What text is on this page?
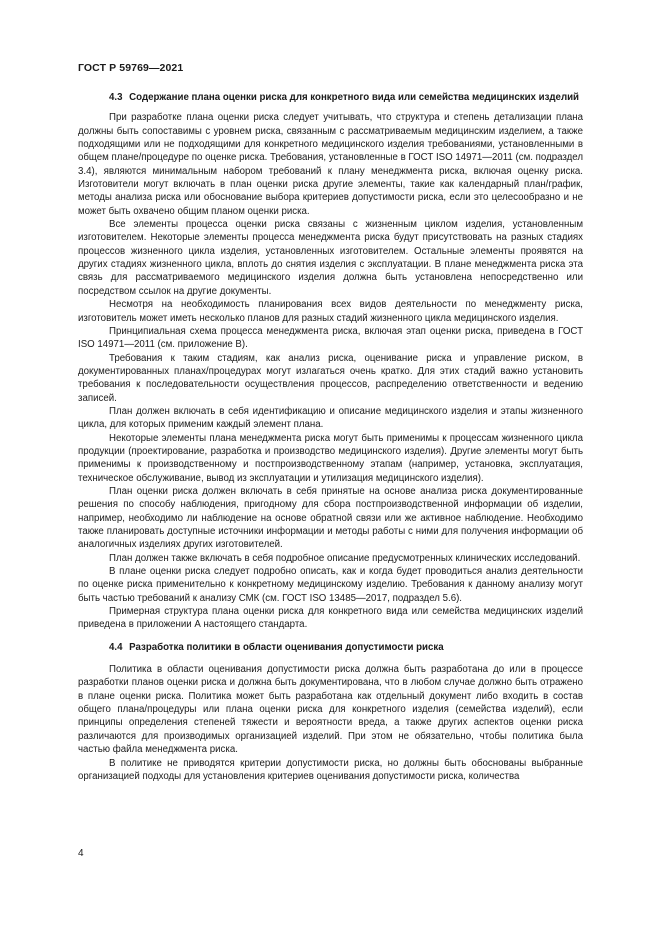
ГОСТ Р 59769—2021
4.3 Содержание плана оценки риска для конкретного вида или семейства медицинских изделий

При разработке плана оценки риска следует учитывать, что структура и степень детализации плана должны быть сопоставимы с уровнем риска, связанным с рассматриваемым медицинским изделием, а также подходящими или не подходящими для конкретного медицинского изделия требованиями, установленными в общем плане/процедуре по оценке риска. Требования, установленные в ГОСТ ISO 14971—2011 (см. подраздел 3.4), являются минимальным набором требований к плану менеджмента риска, включая оценку риска. Изготовители могут включать в план оценки риска другие элементы, такие как календарный план/график, методы анализа риска или обоснование выбора критериев допустимости риска, если это целесообразно и не может быть охвачено общим планом оценки риска.

Все элементы процесса оценки риска связаны с жизненным циклом изделия, установленным изготовителем. Некоторые элементы процесса менеджмента риска будут присутствовать на разных стадиях процессов жизненного цикла изделия, установленных изготовителем. Остальные элементы проявятся на других стадиях жизненного цикла, вплоть до снятия изделия с эксплуатации. В плане менеджмента риска эта связь для рассматриваемого медицинского изделия должна быть установлена непосредственно или посредством ссылок на другие документы.

Несмотря на необходимость планирования всех видов деятельности по менеджменту риска, изготовитель может иметь несколько планов для разных стадий жизненного цикла медицинского изделия.

Принципиальная схема процесса менеджмента риска, включая этап оценки риска, приведена в ГОСТ ISO 14971—2011 (см. приложение В).

Требования к таким стадиям, как анализ риска, оценивание риска и управление риском, в документированных планах/процедурах могут излагаться очень кратко. Для этих стадий важно установить требования к последовательности осуществления процессов, распределению ответственности и ведению записей.

План должен включать в себя идентификацию и описание медицинского изделия и этапы жизненного цикла, для которых применим каждый элемент плана.

Некоторые элементы плана менеджмента риска могут быть применимы к процессам жизненного цикла продукции (проектирование, разработка и производство медицинского изделия). Другие элементы могут быть применимы к производственному и постпроизводственному этапам (например, установка, эксплуатация, техническое обслуживание, вывод из эксплуатации и утилизация медицинского изделия).

План оценки риска должен включать в себя принятые на основе анализа риска документированные решения по способу наблюдения, пригодному для сбора постпроизводственной информации об изделии, например, необходимо ли наблюдение на основе обратной связи или же активное наблюдение. Необходимо также планировать доступные источники информации и методы работы с ними для получения информации об аналогичных изделиях других изготовителей.

План должен также включать в себя подробное описание предусмотренных клинических исследований.

В плане оценки риска следует подробно описать, как и когда будет проводиться анализ деятельности по оценке риска применительно к конкретному медицинскому изделию. Требования к данному анализу могут быть частью требований к анализу СМК (см. ГОСТ ISO 13485—2017, подраздел 5.6).

Примерная структура плана оценки риска для конкретного вида или семейства медицинских изделий приведена в приложении А настоящего стандарта.

4.4 Разработка политики в области оценивания допустимости риска

Политика в области оценивания допустимости риска должна быть разработана до или в процессе разработки планов оценки риска и должна быть документирована, что в любом случае должно быть отражено в плане оценки риска. Политика может быть разработана как отдельный документ либо входить в состав общего плана/процедуры или плана оценки риска для конкретного изделия (семейства изделий), если принципы определения степеней тяжести и вероятности вреда, а также других аспектов оценки риска различаются для производимых организацией изделий. При этом не обязательно, чтобы политика была частью файла менеджмента риска.

В политике не приводятся критерии допустимости риска, но должны быть обоснованы выбранные организацией подходы для установления критериев оценивания допустимости риска, количества

4
